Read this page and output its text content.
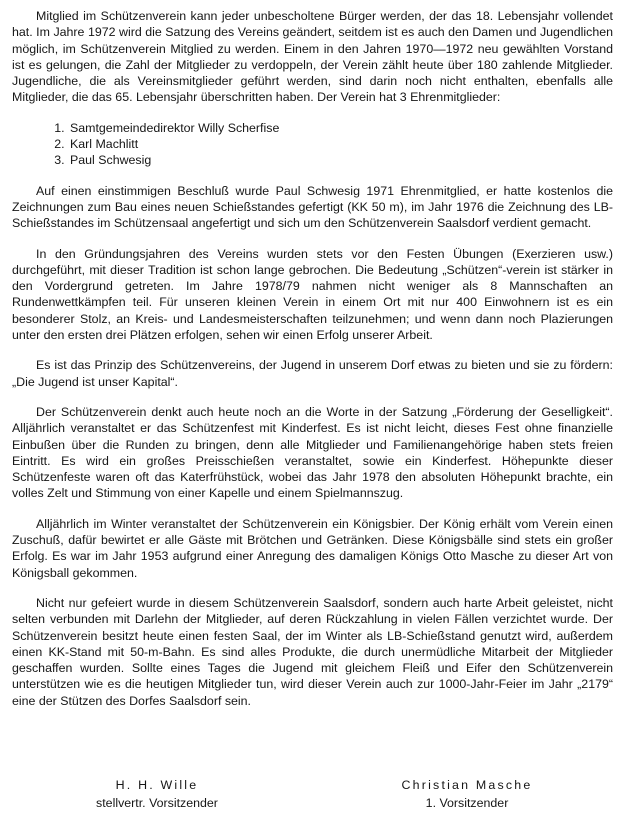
Mitglied im Schützenverein kann jeder unbescholtene Bürger werden, der das 18. Lebensjahr vollendet hat. Im Jahre 1972 wird die Satzung des Vereins geändert, seitdem ist es auch den Damen und Jugendlichen möglich, im Schützenverein Mitglied zu werden. Einem in den Jahren 1970—1972 neu gewählten Vorstand ist es gelungen, die Zahl der Mitglieder zu verdoppeln, der Verein zählt heute über 180 zahlende Mitglieder. Jugendliche, die als Vereinsmitglieder geführt werden, sind darin noch nicht enthalten, ebenfalls alle Mitglieder, die das 65. Lebensjahr überschritten haben. Der Verein hat 3 Ehrenmitglieder:

1. Samtgemeindedirektor Willy Scherfise
2. Karl Machlitt
3. Paul Schwesig

Auf einen einstimmigen Beschluß wurde Paul Schwesig 1971 Ehrenmitglied, er hatte kostenlos die Zeichnungen zum Bau eines neuen Schießstandes gefertigt (KK 50 m), im Jahr 1976 die Zeichnung des LB-Schießstandes im Schützensaal angefertigt und sich um den Schützenverein Saalsdorf verdient gemacht.

In den Gründungsjahren des Vereins wurden stets vor den Festen Übungen (Exerzieren usw.) durchgeführt, mit dieser Tradition ist schon lange gebrochen. Die Bedeutung „Schützen“-verein ist stärker in den Vordergrund getreten. Im Jahre 1978/79 nahmen nicht weniger als 8 Mannschaften an Rundenwettkämpfen teil. Für unseren kleinen Verein in einem Ort mit nur 400 Einwohnern ist es ein besonderer Stolz, an Kreis- und Landesmeisterschaften teilzunehmen; und wenn dann noch Plazierungen unter den ersten drei Plätzen erfolgen, sehen wir einen Erfolg unserer Arbeit.

Es ist das Prinzip des Schützenvereins, der Jugend in unserem Dorf etwas zu bieten und sie zu fördern: „Die Jugend ist unser Kapital“.

Der Schützenverein denkt auch heute noch an die Worte in der Satzung „Förderung der Geselligkeit“. Alljährlich veranstaltet er das Schützenfest mit Kinderfest. Es ist nicht leicht, dieses Fest ohne finanzielle Einbußen über die Runden zu bringen, denn alle Mitglieder und Familienangehörige haben stets freien Eintritt. Es wird ein großes Preisschießen veranstaltet, sowie ein Kinderfest. Höhepunkte dieser Schützenfeste waren oft das Katerfrühstück, wobei das Jahr 1978 den absoluten Höhepunkt brachte, ein volles Zelt und Stimmung von einer Kapelle und einem Spielmannszug.

Alljährlich im Winter veranstaltet der Schützenverein ein Königsbier. Der König erhält vom Verein einen Zuschuß, dafür bewirtet er alle Gäste mit Brötchen und Getränken. Diese Königsbälle sind stets ein großer Erfolg. Es war im Jahr 1953 aufgrund einer Anregung des damaligen Königs Otto Masche zu dieser Art von Königsball gekommen.

Nicht nur gefeiert wurde in diesem Schützenverein Saalsdorf, sondern auch harte Arbeit geleistet, nicht selten verbunden mit Darlehn der Mitglieder, auf deren Rückzahlung in vielen Fällen verzichtet wurde. Der Schützenverein besitzt heute einen festen Saal, der im Winter als LB-Schießstand genutzt wird, außerdem einen KK-Stand mit 50-m-Bahn. Es sind alles Produkte, die durch unermüdliche Mitarbeit der Mitglieder geschaffen wurden. Sollte eines Tages die Jugend mit gleichem Fleiß und Eifer den Schützenverein unterstützen wie es die heutigen Mitglieder tun, wird dieser Verein auch zur 1000-Jahr-Feier im Jahr „2179“ eine der Stützen des Dorfes Saalsdorf sein.

H. H. Wille
stellvertr. Vorsitzender
Christian Masche
1. Vorsitzender
